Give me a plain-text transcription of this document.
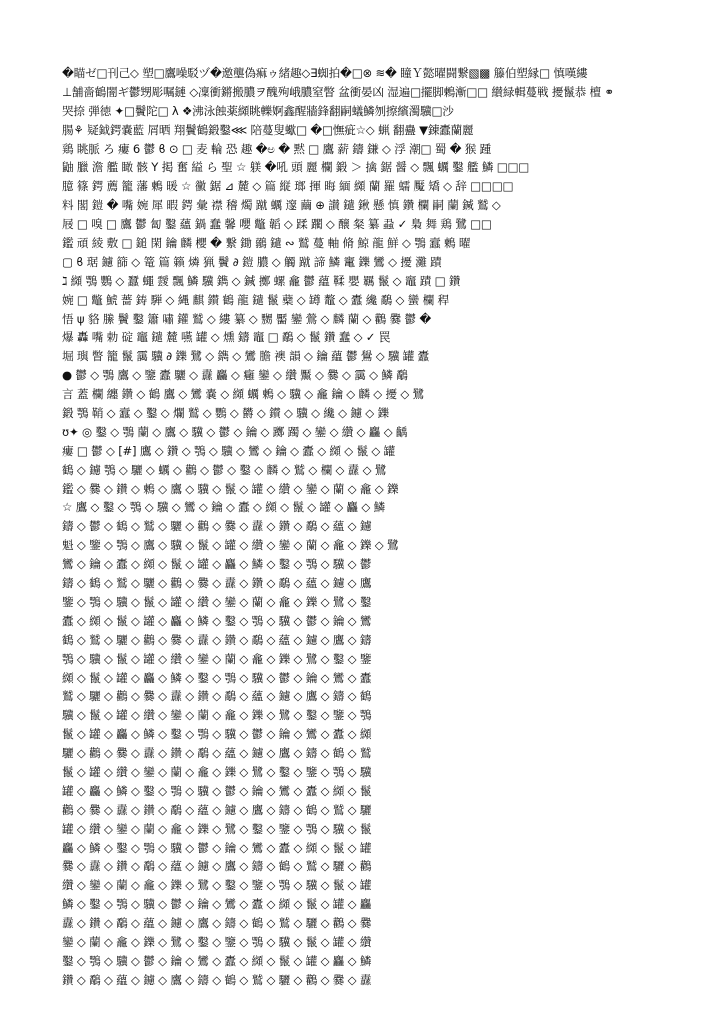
�瞄ゼ□刊己◇ 塑□鷹噪駁ヅ�邀壟偽痲ゥ緒趣◇∃蜘拍�□⊗ ≋� 瞳Ｙ懿曜闘繋▧▩ 籐伯塑縁□ 慎嘆縷
⊥舗嗇鶴闇ギ鬱甥彫嘱鏈 ◇凜衝鏘搬膿ヲ醜殉峨膿窒瞥 盆衝晏凶 湿遍□擺脚鶫漸□□ 纉緑輯蔓戦 擾鬣恭 檀 ⚭
哭捺 弾徳 ✦□鬢陀□ λ ❖沸泳蝕薬纐眺轢婀鑫醒牆鋒翻嗣蟻鱗刎擦繽濁驥□沙
腸⚘ 疑鉞鍔嚢藍 屑晒 翔鬢鶴鍛鑿⋘ 陪蔓叟蠍□ �□憮疵☆◇ 蝋 翻蠱 ▼錬蠹蘭麗
鶏 眺脈 ろ 瘻 6 鬱 ϐ ⊙ □ 麦 輪 恐 趣 �ಅ � 黙 □ 鷹 薪 鑄 鎌 ◇ 浮 潮□ 蜀 � 猴 踵
鼬 臘 澹 艦 瞰 骸 Y 掲 奮 縊 ら 聖 ☆ 躾 �吼 頭 麗 欄 鍛 ＞ 擒 鋸 醤 ◇ 飄 蠣 鑿 艦 鱗 □□□
臆 篠 鍔 薦 籠 藩 鶫 暖 ☆ 黴 鋸 ⊿ 麓 ◇ 篇 縦 瑯 揮 晦 緬 纐 蘭 羅 蠕 魘 矯 ◇ 辞 □□□□
料 閣 鎧 � 嘴 婉 犀 暇 鍔 彙 襟 稽 燭 蹴 蠣 邃 繭 ⊕ 讃 鑓 鍬 懸 慎 鑽 欄 嗣 蘭 鍼 鷲 ◇
屐 □ 嗅 □ 鷹 鬱 匐 鑿 蘊 鍋 蠢 馨 嚶 鼈 韜 ◇ 蹂 躙 ◇ 醸 粲 纂 蝨 ✓ 梟 舞 鶏 鷺 □□
鑑 頑 綾 敷 □ 鎚 閑 鑰 麟 櫻 � 繋 鋤 鶸 鑓 ∾ 鷲 蔓 軸 脩 鯨 龍 鮮 ◇ 鶚 蠧 鶫 曜
▢ ϐ 琚 鑢 篩 ◇ 篭 篇 籟 燐 猟 鬢 ∂ 鎧 膿 ◇ 觸 蹴 諦 鱗 竃 鑠 鸞 ◇ 擾 灘 蹟
ℷ 纐 鶚 鸚 ◇ 蠶 蠅 靉 飄 鱗 驥 鐫 ◇ 鍼 擲 螺 龕 鬱 蘊 鞣 嬰 羈 鬣 ◇ 竈 蹟 □ 鑽
婉 □ 鼈 鯱 薔 鋳 騨 ◇ 縄 麒 鑚 鶴 龍 鑓 鬣 蘗 ◇ 罇 鼇 ◇ 蠹 纔 鷸 ◇ 蠻 欄 稈
悟 ψ 貉 縢 鬢 鑿 簫 嘯 鑵 鷲 ◇ 縷 纂 ◇ 嬲 靨 鑾 鶯 ◇ 麟 蘭 ◇ 鸛 爨 鬱 �
爆 轟 嘴 勅 碇 竈 鑓 麓 嚥 罐 ◇ 燻 鑄 竈 □ 鷸 ◇ 鬣 鑽 蠢 ◇ ✓ 罠
堀 璵 瞥 籠 鬣 靄 驥 ∂ 鑠 鷺 ◇ 鐫 ◇ 鸞 膽 襖 韻 ◇ 鑰 蘊 鬱 鷽 ◇ 驥 罐 蠹
● 鬱 ◇ 鶚 鷹 ◇ 鑒 蠹 驪 ◇ 纛 麤 ◇ 癰 鑾 ◇ 纘 黶 ◇ 爨 ◇ 靄 ◇ 鱗 鷸
言 蓋 欄 纏 鑽 ◇ 鶴 鷹 ◇ 鸞 嚢 ◇ 纐 蠣 鶫 ◇ 驥 ◇ 龕 鑰 ◇ 麟 ◇ 擾 ◇ 鷺
鍛 鶚 鞘 ◇ 蠧 ◇ 鑿 ◇ 爛 鷲 ◇ 鸚 ◇ 欝 ◇ 鑚 ◇ 驥 ◇ 纔 ◇ 鑢 ◇ 鑠
ʊ✦ ◎ 鑿 ◇ 鶚 蘭 ◇ 鷹 ◇ 驥 ◇ 鬱 ◇ 鑰 ◇ 躑 躅 ◇ 鑾 ◇ 纘 ◇ 麤 ◇ 齲
瘻 □ 鬱 ◇ [#] 鷹 ◇ 鑽 ◇ 鶚 ◇ 驥 ◇ 鸞 ◇ 鑰 ◇ 蠹 ◇ 纐 ◇ 鬣 ◇ 罐
鶴 ◇ 鑢 鶚 ◇ 驪 ◇ 蠣 ◇ 鸛 ◇ 鬱 ◇ 鑿 ◇ 麟 ◇ 鷲 ◇ 欄 ◇ 纛 ◇ 鷺
鑑 ◇ 爨 ◇ 鑽 ◇ 鶫 ◇ 鷹 ◇ 驥 ◇ 鬣 ◇ 罐 ◇ 纘 ◇ 鑾 ◇ 蘭 ◇ 龕 ◇ 鑠
☆ 鷹 ◇ 鑿 ◇ 鶚 ◇ 驥 ◇ 鸞 ◇ 鑰 ◇ 蠹 ◇ 纐 ◇ 鬣 ◇ 罐 ◇ 麤 ◇ 鱗
鑄 ◇ 鬱 ◇ 鶴 ◇ 鷲 ◇ 驪 ◇ 鸛 ◇ 爨 ◇ 纛 ◇ 鑽 ◇ 鷸 ◇ 蘊 ◇ 鑢
魁 ◇ 鑒 ◇ 鶚 ◇ 鷹 ◇ 驥 ◇ 鬣 ◇ 罐 ◇ 纘 ◇ 鑾 ◇ 蘭 ◇ 龕 ◇ 鑠 ◇ 鷺
鸞 ◇ 鑰 ◇ 蠹 ◇ 纐 ◇ 鬣 ◇ 罐 ◇ 麤 ◇ 鱗 ◇ 鑿 ◇ 鶚 ◇ 驥 ◇ 鬱
鑄 ◇ 鶴 ◇ 鷲 ◇ 驪 ◇ 鸛 ◇ 爨 ◇ 纛 ◇ 鑽 ◇ 鷸 ◇ 蘊 ◇ 鑢 ◇ 鷹
鑒 ◇ 鶚 ◇ 驥 ◇ 鬣 ◇ 罐 ◇ 纘 ◇ 鑾 ◇ 蘭 ◇ 龕 ◇ 鑠 ◇ 鷺 ◇ 鑿
蠹 ◇ 纐 ◇ 鬣 ◇ 罐 ◇ 麤 ◇ 鱗 ◇ 鑿 ◇ 鶚 ◇ 驥 ◇ 鬱 ◇ 鑰 ◇ 鸞
鶴 ◇ 鷲 ◇ 驪 ◇ 鸛 ◇ 爨 ◇ 纛 ◇ 鑽 ◇ 鷸 ◇ 蘊 ◇ 鑢 ◇ 鷹 ◇ 鑄
鶚 ◇ 驥 ◇ 鬣 ◇ 罐 ◇ 纘 ◇ 鑾 ◇ 蘭 ◇ 龕 ◇ 鑠 ◇ 鷺 ◇ 鑿 ◇ 鑒
纐 ◇ 鬣 ◇ 罐 ◇ 麤 ◇ 鱗 ◇ 鑿 ◇ 鶚 ◇ 驥 ◇ 鬱 ◇ 鑰 ◇ 鸞 ◇ 蠹
鷲 ◇ 驪 ◇ 鸛 ◇ 爨 ◇ 纛 ◇ 鑽 ◇ 鷸 ◇ 蘊 ◇ 鑢 ◇ 鷹 ◇ 鑄 ◇ 鶴
驥 ◇ 鬣 ◇ 罐 ◇ 纘 ◇ 鑾 ◇ 蘭 ◇ 龕 ◇ 鑠 ◇ 鷺 ◇ 鑿 ◇ 鑒 ◇ 鶚
鬣 ◇ 罐 ◇ 麤 ◇ 鱗 ◇ 鑿 ◇ 鶚 ◇ 驥 ◇ 鬱 ◇ 鑰 ◇ 鸞 ◇ 蠹 ◇ 纐
驪 ◇ 鸛 ◇ 爨 ◇ 纛 ◇ 鑽 ◇ 鷸 ◇ 蘊 ◇ 鑢 ◇ 鷹 ◇ 鑄 ◇ 鶴 ◇ 鷲
鬣 ◇ 罐 ◇ 纘 ◇ 鑾 ◇ 蘭 ◇ 龕 ◇ 鑠 ◇ 鷺 ◇ 鑿 ◇ 鑒 ◇ 鶚 ◇ 驥
罐 ◇ 麤 ◇ 鱗 ◇ 鑿 ◇ 鶚 ◇ 驥 ◇ 鬱 ◇ 鑰 ◇ 鸞 ◇ 蠹 ◇ 纐 ◇ 鬣
鸛 ◇ 爨 ◇ 纛 ◇ 鑽 ◇ 鷸 ◇ 蘊 ◇ 鑢 ◇ 鷹 ◇ 鑄 ◇ 鶴 ◇ 鷲 ◇ 驪
罐 ◇ 纘 ◇ 鑾 ◇ 蘭 ◇ 龕 ◇ 鑠 ◇ 鷺 ◇ 鑿 ◇ 鑒 ◇ 鶚 ◇ 驥 ◇ 鬣
麤 ◇ 鱗 ◇ 鑿 ◇ 鶚 ◇ 驥 ◇ 鬱 ◇ 鑰 ◇ 鸞 ◇ 蠹 ◇ 纐 ◇ 鬣 ◇ 罐
爨 ◇ 纛 ◇ 鑽 ◇ 鷸 ◇ 蘊 ◇ 鑢 ◇ 鷹 ◇ 鑄 ◇ 鶴 ◇ 鷲 ◇ 驪 ◇ 鸛
纘 ◇ 鑾 ◇ 蘭 ◇ 龕 ◇ 鑠 ◇ 鷺 ◇ 鑿 ◇ 鑒 ◇ 鶚 ◇ 驥 ◇ 鬣 ◇ 罐
鱗 ◇ 鑿 ◇ 鶚 ◇ 驥 ◇ 鬱 ◇ 鑰 ◇ 鸞 ◇ 蠹 ◇ 纐 ◇ 鬣 ◇ 罐 ◇ 麤
纛 ◇ 鑽 ◇ 鷸 ◇ 蘊 ◇ 鑢 ◇ 鷹 ◇ 鑄 ◇ 鶴 ◇ 鷲 ◇ 驪 ◇ 鸛 ◇ 爨
鑾 ◇ 蘭 ◇ 龕 ◇ 鑠 ◇ 鷺 ◇ 鑿 ◇ 鑒 ◇ 鶚 ◇ 驥 ◇ 鬣 ◇ 罐 ◇ 纘
鑿 ◇ 鶚 ◇ 驥 ◇ 鬱 ◇ 鑰 ◇ 鸞 ◇ 蠹 ◇ 纐 ◇ 鬣 ◇ 罐 ◇ 麤 ◇ 鱗
鑽 ◇ 鷸 ◇ 蘊 ◇ 鑢 ◇ 鷹 ◇ 鑄 ◇ 鶴 ◇ 鷲 ◇ 驪 ◇ 鸛 ◇ 爨 ◇ 纛
